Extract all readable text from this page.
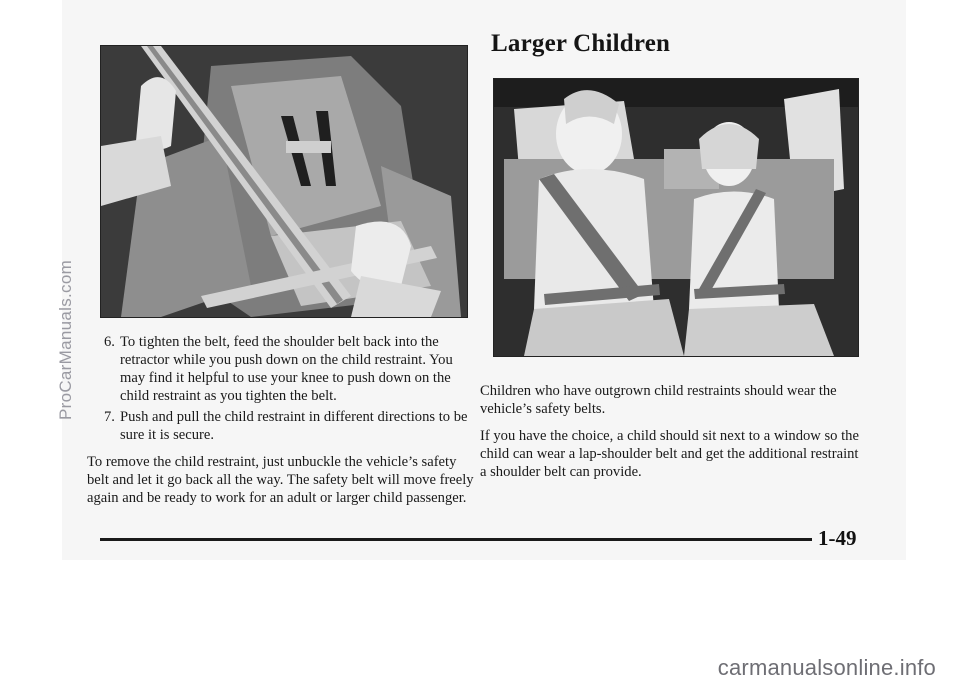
Larger Children
6. To tighten the belt, feed the shoulder belt back into the retractor while you push down on the child restraint. You may find it helpful to use your knee to push down on the child restraint as you tighten the belt.
7. Push and pull the child restraint in different directions to be sure it is secure.

To remove the child restraint, just unbuckle the vehicle’s safety belt and let it go back all the way. The safety belt will move freely again and be ready to work for an adult or larger child passenger.

Children who have outgrown child restraints should wear the vehicle’s safety belts.

If you have the choice, a child should sit next to a window so the child can wear a lap-shoulder belt and get the additional restraint a shoulder belt can provide.

1-49
ProCarManuals.com
carmanualsonline.info
